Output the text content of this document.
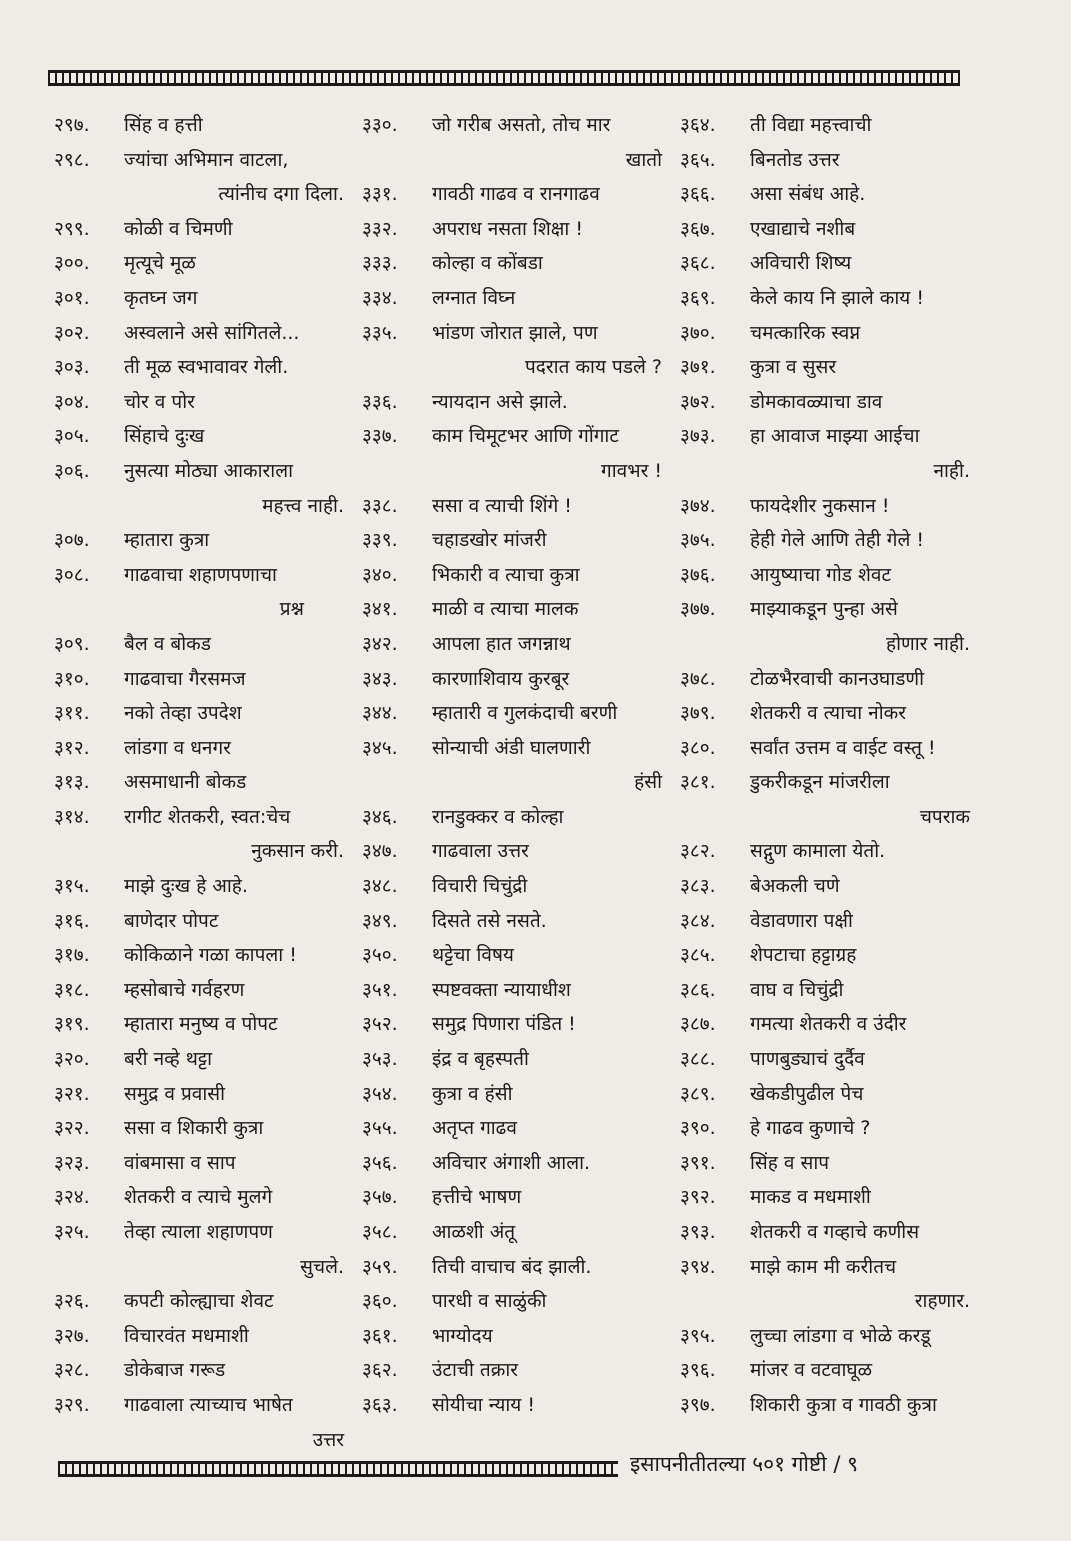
२९७. सिंह व हत्ती
२९८. ज्यांचा अभिमान वाटला,
त्यांनीच दगा दिला.
२९९. कोळी व चिमणी
३००. मृत्यूचे मूळ
३०१. कृतघ्न जग
३०२. अस्वलाने असे सांगितले...
३०३. ती मूळ स्वभावावर गेली.
३०४. चोर व पोर
३०५. सिंहाचे दुःख
३०६. नुसत्या मोठ्या आकाराला
महत्त्व नाही.
३०७. म्हातारा कुत्रा
३०८. गाढवाचा शहाणपणाचा
प्रश्न
३०९. बैल व बोकड
३१०. गाढवाचा गैरसमज
३११. नको तेव्हा उपदेश
३१२. लांडगा व धनगर
३१३. असमाधानी बोकड
३१४. रागीट शेतकरी, स्वत:चेच
नुकसान करी.
३१५. माझे दुःख हे आहे.
३१६. बाणेदार पोपट
३१७. कोकिळाने गळा कापला !
३१८. म्हसोबाचे गर्वहरण
३१९. म्हातारा मनुष्य व पोपट
३२०. बरी नव्हे थट्टा
३२१. समुद्र व प्रवासी
३२२. ससा व शिकारी कुत्रा
३२३. वांबमासा व साप
३२४. शेतकरी व त्याचे मुलगे
३२५. तेव्हा त्याला शहाणपण
सुचले.
३२६. कपटी कोल्ह्याचा शेवट
३२७. विचारवंत मधमाशी
३२८. डोकेबाज गरूड
३२९. गाढवाला त्याच्याच भाषेत
उत्तर
३३०. जो गरीब असतो, तोच मार
खातो
३३१. गावठी गाढव व रानगाढव
३३२. अपराध नसता शिक्षा !
३३३. कोल्हा व कोंबडा
३३४. लग्नात विघ्न
३३५. भांडण जोरात झाले, पण
पदरात काय पडले ?
३३६. न्यायदान असे झाले.
३३७. काम चिमूटभर आणि गोंगाट
गावभर !
३३८. ससा व त्याची शिंगे !
३३९. चहाडखोर मांजरी
३४०. भिकारी व त्याचा कुत्रा
३४१. माळी व त्याचा मालक
३४२. आपला हात जगन्नाथ
३४३. कारणाशिवाय कुरबूर
३४४. म्हातारी व गुलकंदाची बरणी
३४५. सोन्याची अंडी घालणारी
हंसी
३४६. रानडुक्कर व कोल्हा
३४७. गाढवाला उत्तर
३४८. विचारी चिचुंद्री
३४९. दिसते तसे नसते.
३५०. थट्टेचा विषय
३५१. स्पष्टवक्ता न्यायाधीश
३५२. समुद्र पिणारा पंडित !
३५३. इंद्र व बृहस्पती
३५४. कुत्रा व हंसी
३५५. अतृप्त गाढव
३५६. अविचार अंगाशी आला.
३५७. हत्तीचे भाषण
३५८. आळशी अंतू
३५९. तिची वाचाच बंद झाली.
३६०. पारधी व साळुंकी
३६१. भाग्योदय
३६२. उंटाची तक्रार
३६३. सोयीचा न्याय !
३६४. ती विद्या महत्त्वाची
३६५. बिनतोड उत्तर
३६६. असा संबंध आहे.
३६७. एखाद्याचे नशीब
३६८. अविचारी शिष्य
३६९. केले काय नि झाले काय !
३७०. चमत्कारिक स्वप्न
३७१. कुत्रा व सुसर
३७२. डोमकावळ्याचा डाव
३७३. हा आवाज माझ्या आईचा
नाही.
३७४. फायदेशीर नुकसान !
३७५. हेही गेले आणि तेही गेले !
३७६. आयुष्याचा गोड शेवट
३७७. माझ्याकडून पुन्हा असे
होणार नाही.
३७८. टोळभैरवाची कानउघाडणी
३७९. शेतकरी व त्याचा नोकर
३८०. सर्वांत उत्तम व वाईट वस्तू !
३८१. डुकरीकडून मांजरीला
चपराक
३८२. सद्गुण कामाला येतो.
३८३. बेअकली चणे
३८४. वेडावणारा पक्षी
३८५. शेपटाचा हट्टाग्रह
३८६. वाघ व चिचुंद्री
३८७. गमत्या शेतकरी व उंदीर
३८८. पाणबुड्याचं दुर्दैव
३८९. खेकडीपुढील पेच
३९०. हे गाढव कुणाचे ?
३९१. सिंह व साप
३९२. माकड व मधमाशी
३९३. शेतकरी व गव्हाचे कणीस
३९४. माझे काम मी करीतच
राहणार.
३९५. लुच्चा लांडगा व भोळे करडू
३९६. मांजर व वटवाघूळ
३९७. शिकारी कुत्रा व गावठी कुत्रा
इसापनीतीतल्या ५०१ गोष्टी / ९
